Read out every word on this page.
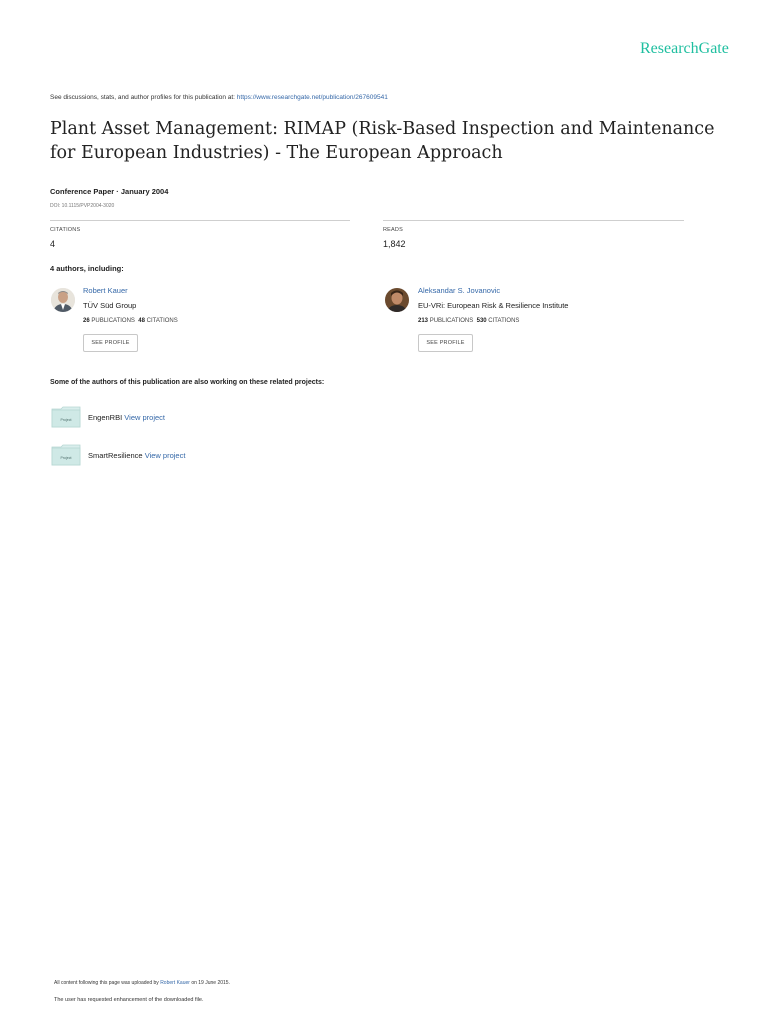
ResearchGate
See discussions, stats, and author profiles for this publication at: https://www.researchgate.net/publication/267609541
Plant Asset Management: RIMAP (Risk-Based Inspection and Maintenance for European Industries) - The European Approach
Conference Paper · January 2004
DOI: 10.1115/PVP2004-3020
CITATIONS
4
READS
1,842
4 authors, including:
Robert Kauer
TÜV Süd Group
26 PUBLICATIONS 48 CITATIONS
SEE PROFILE
Aleksandar S. Jovanovic
EU-VRi: European Risk & Resilience Institute
213 PUBLICATIONS 530 CITATIONS
SEE PROFILE
Some of the authors of this publication are also working on these related projects:
Project EngenRBI View project
Project SmartResilience View project
All content following this page was uploaded by Robert Kauer on 19 June 2015.
The user has requested enhancement of the downloaded file.
